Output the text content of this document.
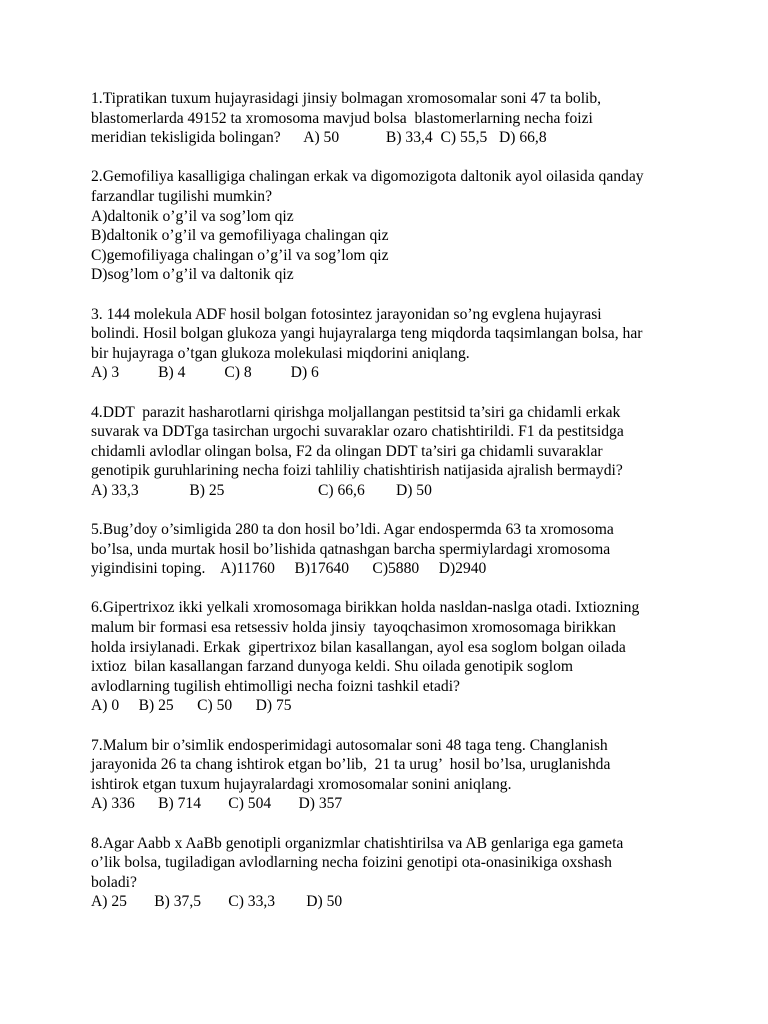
1.Tipratikan tuxum hujayrasidagi jinsiy bolmagan xromosomalar soni 47 ta bolib,
blastomerlarda 49152 ta xromosoma mavjud bolsa  blastomerlarning necha foizi
meridian tekisligida bolingan?      A) 50            B) 33,4  C) 55,5   D) 66,8
2.Gemofiliya kasalligiga chalingan erkak va digomozigota daltonik ayol oilasida qanday
farzandlar tugilishi mumkin?
A)daltonik o’g’il va sog’lom qiz
B)daltonik o’g’il va gemofiliyaga chalingan qiz
C)gemofiliyaga chalingan o’g’il va sog’lom qiz
D)sog’lom o’g’il va daltonik qiz
3. 144 molekula ADF hosil bolgan fotosintez jarayonidan so’ng evglena hujayrasi
bolindi. Hosil bolgan glukoza yangi hujayralarga teng miqdorda taqsimlangan bolsa, har
bir hujayraga o’tgan glukoza molekulasi miqdorini aniqlang.
A) 3          B) 4          C) 8          D) 6
4.DDT  parazit hasharotlarni qirishga moljallangan pestitsid ta’siri ga chidamli erkak
suvarak va DDTga tasirchan urgochi suvaraklar ozaro chatishtirildi. F1 da pestitsidga
chidamli avlodlar olingan bolsa, F2 da olingan DDT ta’siri ga chidamli suvaraklar
genotipik guruhlarining necha foizi tahliliy chatishtirish natijasida ajralish bermaydi?
A) 33,3             B) 25                        C) 66,6        D) 50
5.Bug’doy o’simligida 280 ta don hosil bo’ldi. Agar endospermda 63 ta xromosoma
bo’lsa, unda murtak hosil bo’lishida qatnashgan barcha spermiylardagi xromosoma
yigindisini toping.    A)11760     B)17640      C)5880     D)2940
6.Gipertrixoz ikki yelkali xromosomaga birikkan holda nasldan-naslga otadi. Ixtiozning
malum bir formasi esa retsessiv holda jinsiy  tayoqchasimon xromosomaga birikkan
holda irsiylanadi. Erkak  gipertrixoz bilan kasallangan, ayol esa soglom bolgan oilada
ixtioz  bilan kasallangan farzand dunyoga keldi. Shu oilada genotipik soglom
avlodlarning tugilish ehtimolligi necha foizni tashkil etadi?
A) 0     B) 25      C) 50      D) 75
7.Malum bir o’simlik endosperimidagi autosomalar soni 48 taga teng. Changlanish
jarayonida 26 ta chang ishtirok etgan bo’lib,  21 ta urug’  hosil bo’lsa, uruglanishda
ishtirok etgan tuxum hujayralardagi xromosomalar sonini aniqlang.
A) 336      B) 714       C) 504       D) 357
8.Agar Aabb x AaBb genotipli organizmlar chatishtirilsa va AB genlariga ega gameta
o’lik bolsa, tugiladigan avlodlarning necha foizini genotipi ota-onasinikiga oxshash
boladi?
A) 25       B) 37,5       C) 33,3        D) 50
